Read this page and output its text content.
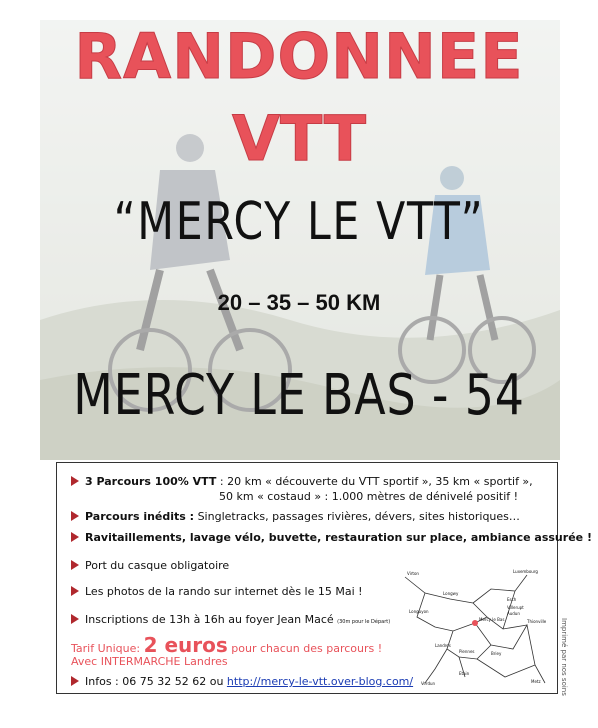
RANDONNEE
VTT
“MERCY LE VTT”
20 – 35 – 50 KM
MERCY LE BAS - 54
3 Parcours 100% VTT : 20 km « découverte du VTT sportif », 35 km « sportif »,
50 km « costaud » : 1.000 mètres de dénivelé positif !
Parcours inédits : Singletracks, passages rivières, dévers, sites historiques…
Ravitaillements, lavage vélo, buvette, restauration sur place, ambiance assurée !
Port du casque obligatoire
Les photos de la rando sur internet dès le 15 Mai !
Inscriptions de 13h à 16h au foyer Jean Macé (30m pour le Départ)
Tarif Unique: 2 euros pour chacun des parcours !
Avec INTERMARCHE Landres
Infos : 06 75 32 52 62 ou http://mercy-le-vtt.over-blog.com/
Virton	Luxembourg
Longwy
Esch
Villerupt
Audun
Longuyon
Mercy le Bas	Thionville
Landres
Piennes	Briey
Etain
Verdun	Metz	Imprimé par nos soins
